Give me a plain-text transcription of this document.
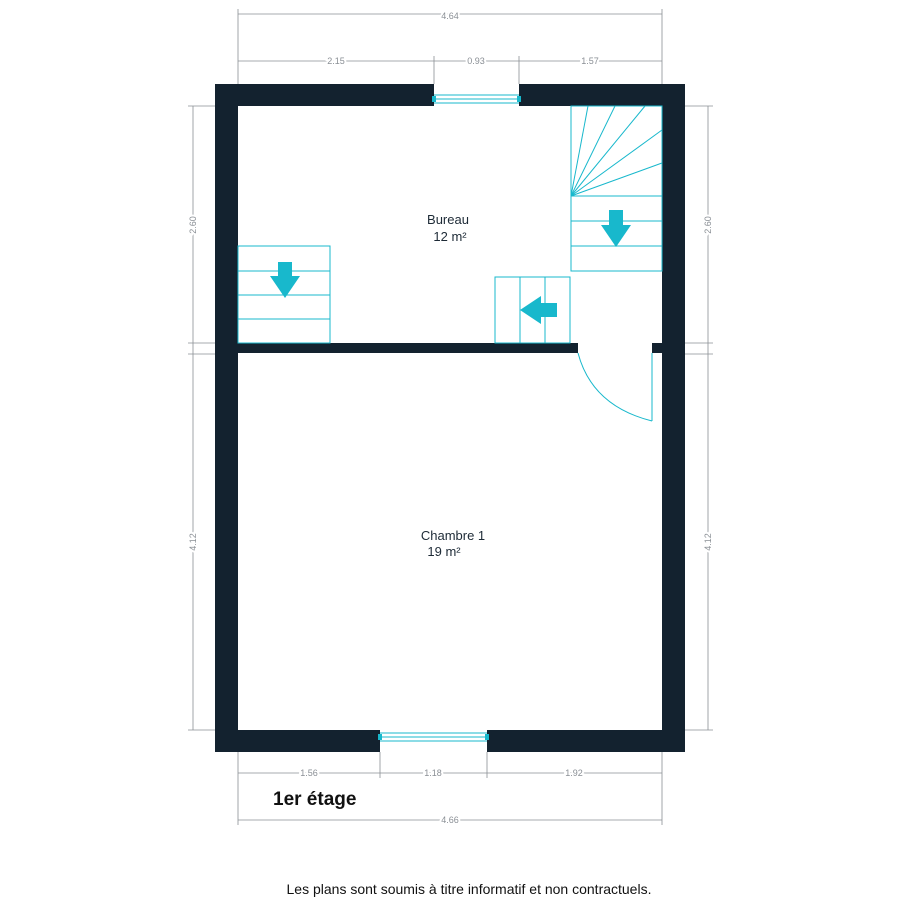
4.64
2.15	0.93	1.57
2.60
4.12
2.60
4.12
1.56	1.18	1.92
4.66
Bureau
12 m²
Chambre 1
19 m²
1er étage
Les plans sont soumis à titre informatif et non contractuels.
